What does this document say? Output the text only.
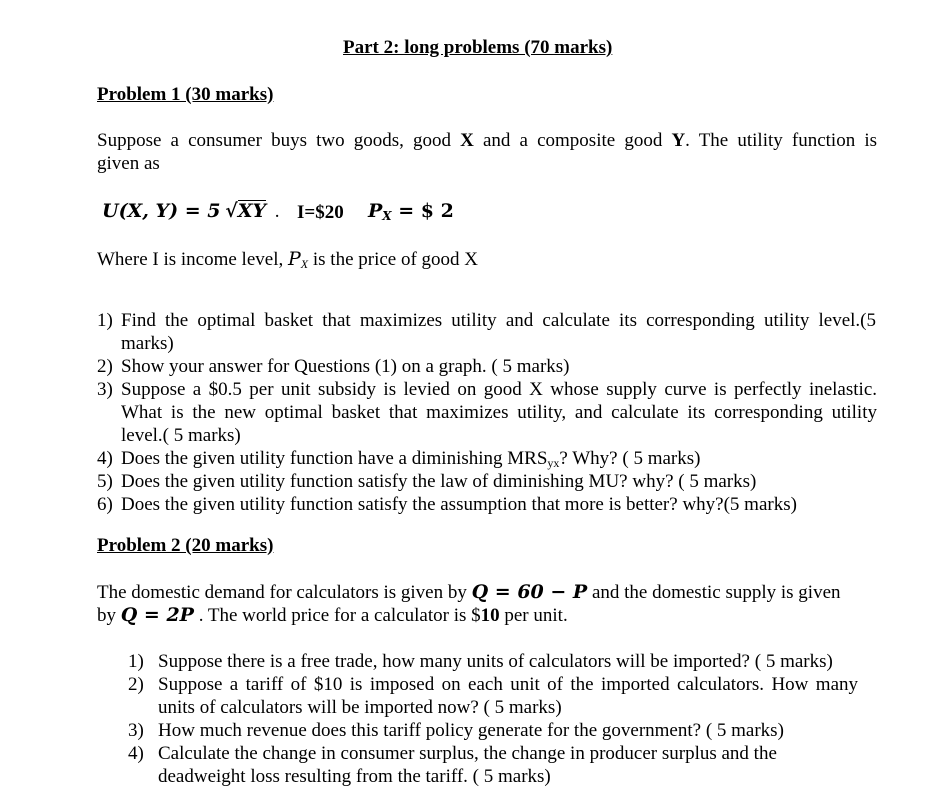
Part 2: long problems (70 marks)
Problem 1 (30 marks)
Suppose a consumer buys two goods, good X and a composite good Y. The utility function is
given as
U(X, Y) = 5 √XY . I=$20 $P_X$ = $ 2
Where I is income level, $P_X$ is the price of good X
1) Find the optimal basket that maximizes utility and calculate its corresponding utility level.(5
marks)
2) Show your answer for Questions (1) on a graph. ( 5 marks)
3) Suppose a $0.5 per unit subsidy is levied on good X whose supply curve is perfectly inelastic.
What is the new optimal basket that maximizes utility, and calculate its corresponding utility
level.( 5 marks)
4) Does the given utility function have a diminishing $MRS_{yx}$? Why? ( 5 marks)
5) Does the given utility function satisfy the law of diminishing MU? why? ( 5 marks)
6) Does the given utility function satisfy the assumption that more is better? why?(5 marks)
Problem 2 (20 marks)
The domestic demand for calculators is given by Q = 60 − P and the domestic supply is given
by Q = 2P . The world price for a calculator is $10 per unit.
1) Suppose there is a free trade, how many units of calculators will be imported? ( 5 marks)
2) Suppose a tariff of $10 is imposed on each unit of the imported calculators. How many
units of calculators will be imported now? ( 5 marks)
3) How much revenue does this tariff policy generate for the government? ( 5 marks)
4) Calculate the change in consumer surplus, the change in producer surplus and the
deadweight loss resulting from the tariff. ( 5 marks)
